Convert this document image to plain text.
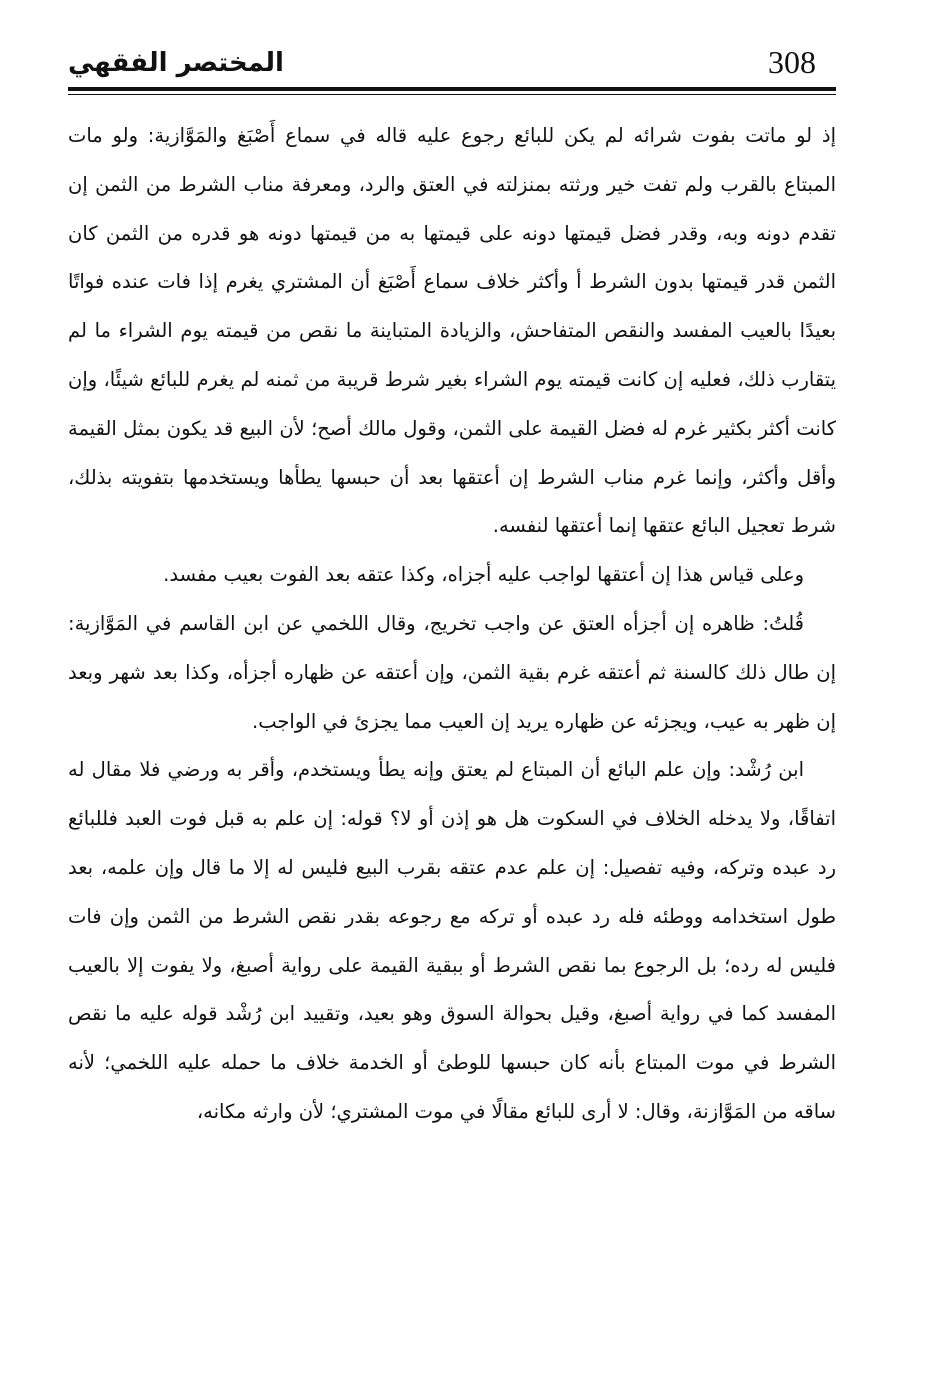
308
المختصر الفقهي

إذ لو ماتت بفوت شرائه لم يكن للبائع رجوع عليه قاله في سماع أَصْبَغ والمَوَّازية: ولو مات المبتاع بالقرب ولم تفت خير ورثته بمنزلته في العتق والرد، ومعرفة مناب الشرط من الثمن إن تقدم دونه وبه، وقدر فضل قيمتها دونه على قيمتها به من قيمتها دونه هو قدره من الثمن كان الثمن قدر قيمتها بدون الشرط أ وأكثر خلاف سماع أَصْبَغ أن المشتري يغرم إذا فات عنده فواتًا بعيدًا بالعيب المفسد والنقص المتفاحش، والزيادة المتباينة ما نقص من قيمته يوم الشراء ما لم يتقارب ذلك، فعليه إن كانت قيمته يوم الشراء بغير شرط قريبة من ثمنه لم يغرم للبائع شيئًا، وإن كانت أكثر بكثير غرم له فضل القيمة على الثمن، وقول مالك أصح؛ لأن البيع قد يكون بمثل القيمة وأقل وأكثر، وإنما غرم مناب الشرط إن أعتقها بعد أن حبسها يطأها ويستخدمها بتفويته بذلك، شرط تعجيل البائع عتقها إنما أعتقها لنفسه.

وعلى قياس هذا إن أعتقها لواجب عليه أجزاه، وكذا عتقه بعد الفوت بعيب مفسد.

قُلتُ: ظاهره إن أجزأه العتق عن واجب تخريج، وقال اللخمي عن ابن القاسم في المَوَّازية: إن طال ذلك كالسنة ثم أعتقه غرم بقية الثمن، وإن أعتقه عن ظهاره أجزأه، وكذا بعد شهر وبعد إن ظهر به عيب، ويجزئه عن ظهاره يريد إن العيب مما يجزئ في الواجب.

ابن رُشْد: وإن علم البائع أن المبتاع لم يعتق وإنه يطأ ويستخدم، وأقر به ورضي فلا مقال له اتفاقًا، ولا يدخله الخلاف في السكوت هل هو إذن أو لا؟ قوله: إن علم به قبل فوت العبد فللبائع رد عبده وتركه، وفيه تفصيل: إن علم عدم عتقه بقرب البيع فليس له إلا ما قال وإن علمه، بعد طول استخدامه ووطئه فله رد عبده أو تركه مع رجوعه بقدر نقص الشرط من الثمن وإن فات فليس له رده؛ بل الرجوع بما نقص الشرط أو ببقية القيمة على رواية أصبغ، ولا يفوت إلا بالعيب المفسد كما في رواية أصبغ، وقيل بحوالة السوق وهو بعيد، وتقييد ابن رُشْد قوله عليه ما نقص الشرط في موت المبتاع بأنه كان حبسها للوطئ أو الخدمة خلاف ما حمله عليه اللخمي؛ لأنه ساقه من المَوَّازنة، وقال: لا أرى للبائع مقالًا في موت المشتري؛ لأن وارثه مكانه،
